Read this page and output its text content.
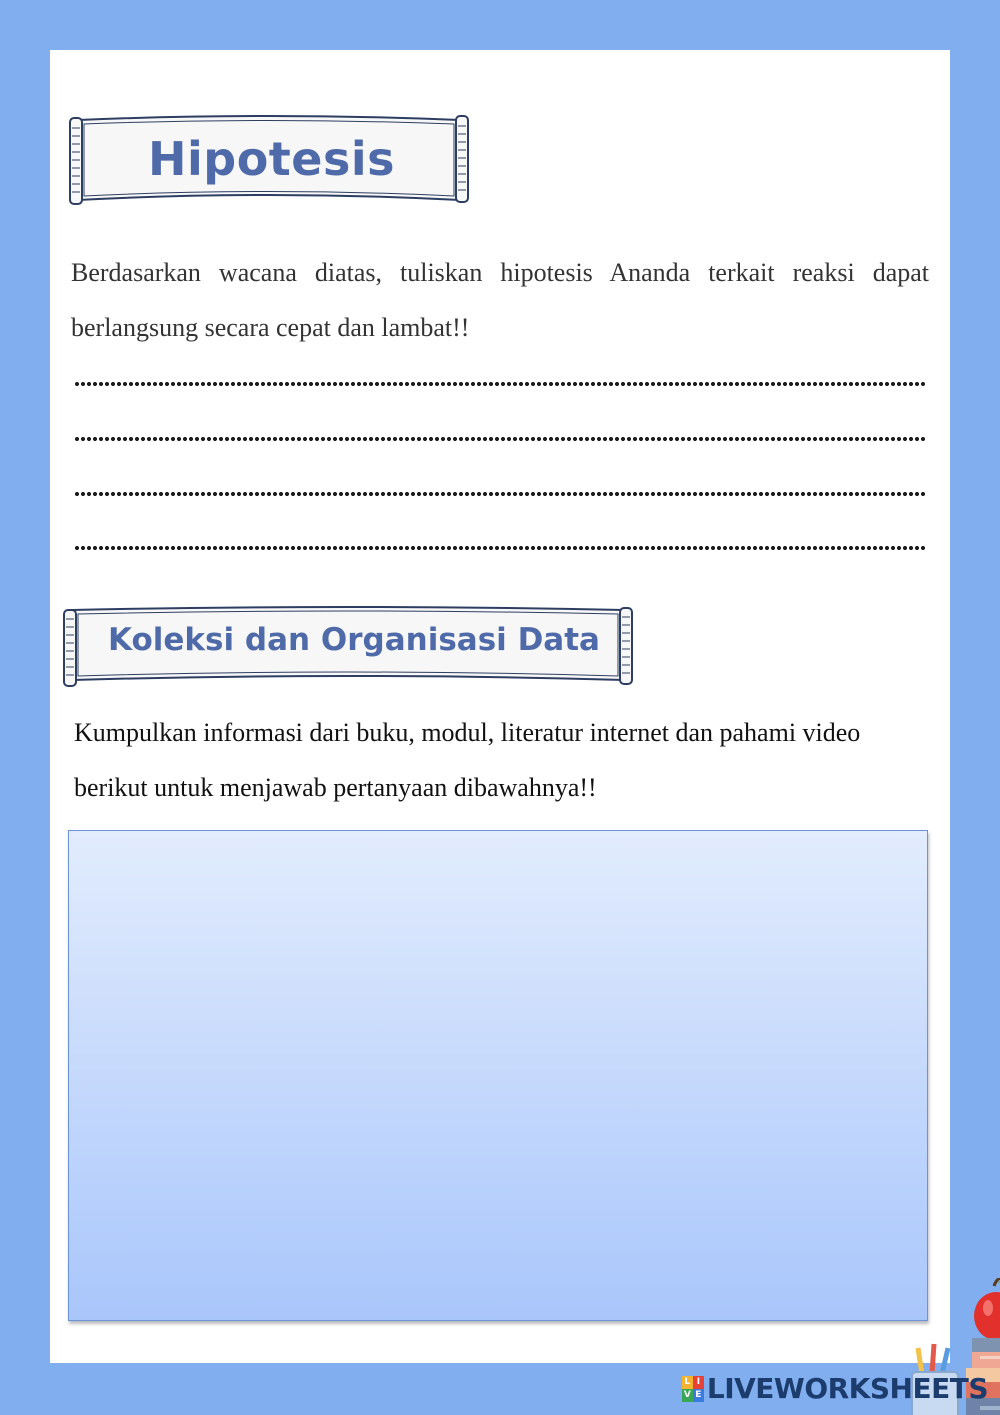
Hipotesis
Berdasarkan wacana diatas, tuliskan hipotesis Ananda terkait reaksi dapat berlangsung secara cepat dan lambat!!
Koleksi dan Organisasi Data
Kumpulkan informasi dari buku, modul, literatur internet dan pahami video berikut untuk menjawab pertanyaan dibawahnya!!
L I
V E LIVEWORKSHEETS
